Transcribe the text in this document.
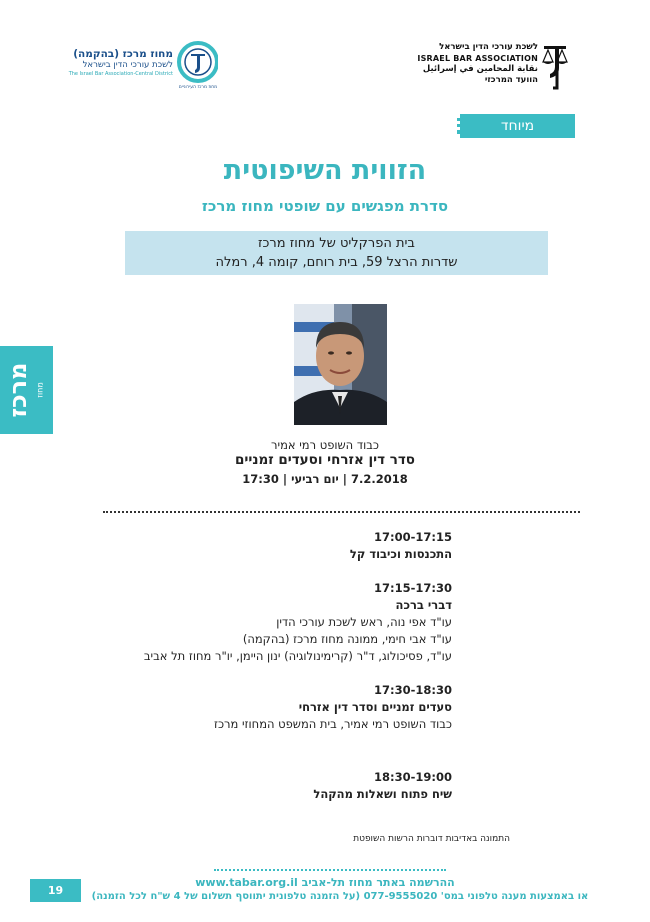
לשכת עורכי הדין בישראל

ISRAEL BAR ASSOCIATION
نقابة المحامين في إسرائيل
הוועד המרכזי
מחוז מרכז (בהקמה)
לשכת עורכי הדין בישראל
The Israel Bar Association-Central District
מחוז מרכז העירוניים
מיוחד
הזווית השיפוטית
סדרת מפגשים עם שופטי מחוז מרכז
בית הפרקליט של מחוז מרכז
שדרות הרצל 59, בית רוחם, קומה 4, רמלה
כבוד השופט רמי אמיר
סדר דין אזרחי וסעדים זמניים
7.2.2018 | יום רביעי | 17:30
17:00-17:15
התכנסות וכיבוד קל
17:15-17:30
דברי ברכה
עו"ד אפי נוה, ראש לשכת עורכי הדין
עו"ד אבי חימי, ממונה מחוז מרכז (בהקמה)
עו"ד, פסיכולוג, ד"ר (קרימינולוגיה) ינון היימן, יו"ר מחוז תל אביב
17:30-18:30
סעדים זמניים וסדר דין אזרחי
כבוד השופט רמי אמיר, בית המשפט המחוזי מרכז
18:30-19:00
שיח פתוח ושאלות מהקהל
מרכז מחוז
התמונה באדיבות דוברות הרשות השופטת
ההרשמה באתר מחוז תל-אביב www.tabar.org.il
או באמצעות מענה טלפוני במס' 077-9555020 (על הזמנה טלפונית יתווסף תשלום של 4 ש"ח לכל הזמנה)
19
